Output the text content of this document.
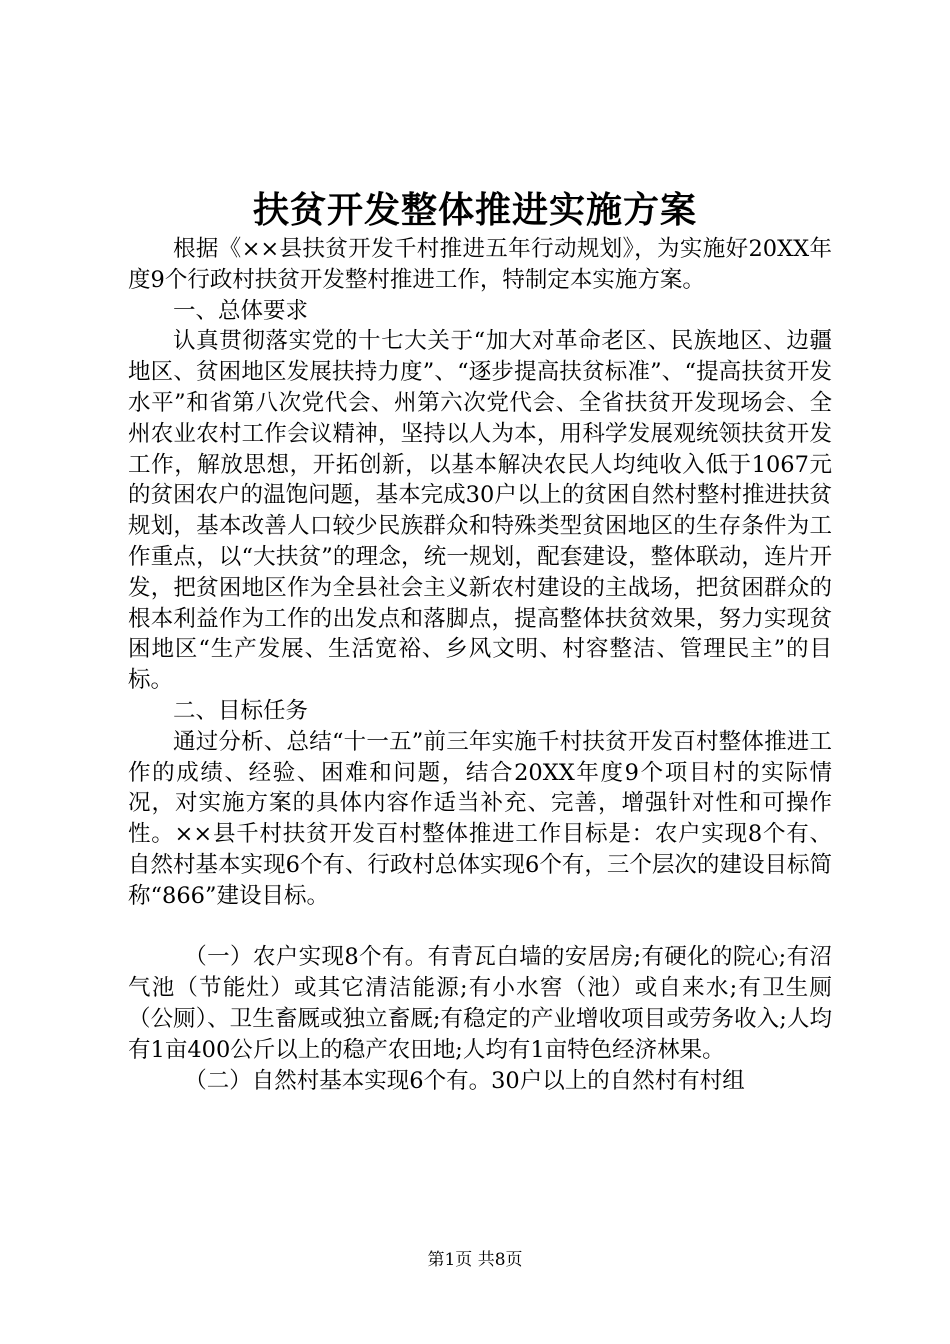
扶贫开发整体推进实施方案

根据《××县扶贫开发千村推进五年行动规划》，为实施好20XX年度9个行政村扶贫开发整村推进工作，特制定本实施方案。

一、总体要求

认真贯彻落实党的十七大关于“加大对革命老区、民族地区、边疆地区、贫困地区发展扶持力度”、“逐步提高扶贫标准”、“提高扶贫开发水平”和省第八次党代会、州第六次党代会、全省扶贫开发现场会、全州农业农村工作会议精神，坚持以人为本，用科学发展观统领扶贫开发工作，解放思想，开拓创新，以基本解决农民人均纯收入低于1067元的贫困农户的温饱问题，基本完成30户以上的贫困自然村整村推进扶贫规划，基本改善人口较少民族群众和特殊类型贫困地区的生存条件为工作重点，以“大扶贫”的理念，统一规划，配套建设，整体联动，连片开发，把贫困地区作为全县社会主义新农村建设的主战场，把贫困群众的根本利益作为工作的出发点和落脚点，提高整体扶贫效果，努力实现贫困地区“生产发展、生活宽裕、乡风文明、村容整洁、管理民主”的目标。

二、目标任务

通过分析、总结“十一五”前三年实施千村扶贫开发百村整体推进工作的成绩、经验、困难和问题，结合20XX年度9个项目村的实际情况，对实施方案的具体内容作适当补充、完善，增强针对性和可操作性。××县千村扶贫开发百村整体推进工作目标是：农户实现8个有、自然村基本实现6个有、行政村总体实现6个有，三个层次的建设目标简称“866”建设目标。

（一）农户实现8个有。有青瓦白墙的安居房;有硬化的院心;有沼气池（节能灶）或其它清洁能源;有小水窖（池）或自来水;有卫生厕（公厕）、卫生畜厩或独立畜厩;有稳定的产业增收项目或劳务收入;人均有1亩400公斤以上的稳产农田地;人均有1亩特色经济林果。

（二）自然村基本实现6个有。30户以上的自然村有村组

第1页 共8页
